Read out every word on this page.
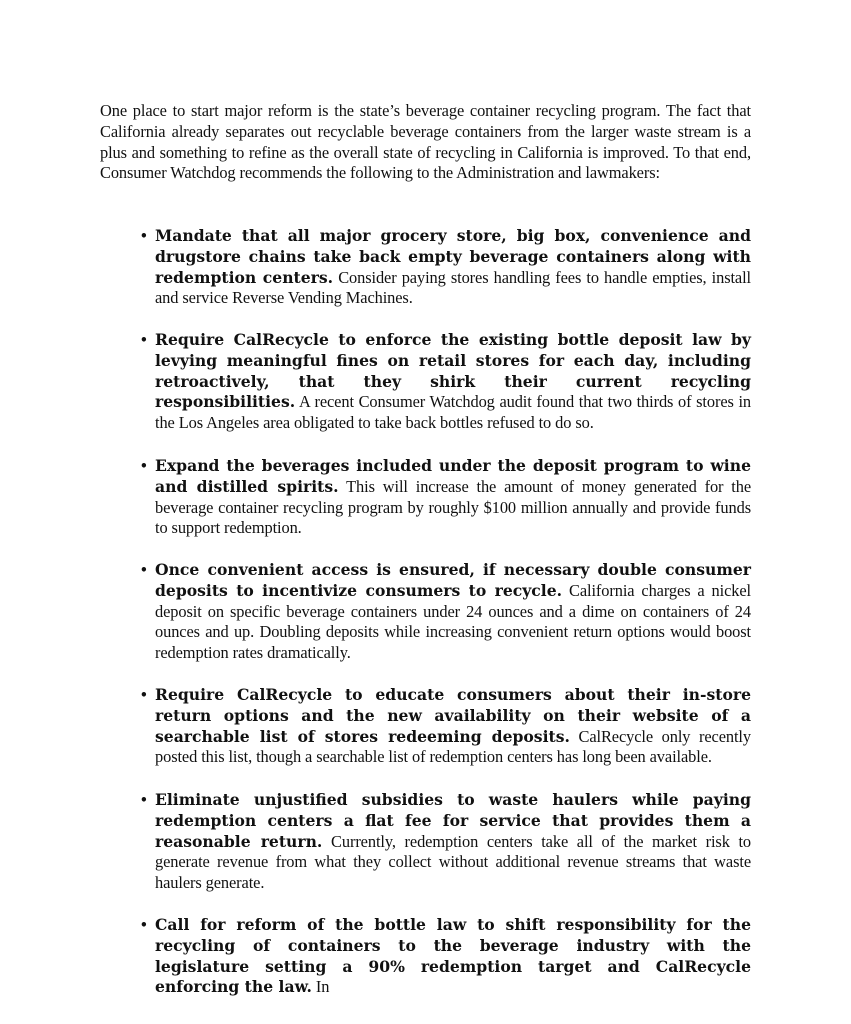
One place to start major reform is the state’s beverage container recycling program. The fact that California already separates out recyclable beverage containers from the larger waste stream is a plus and something to refine as the overall state of recycling in California is improved. To that end, Consumer Watchdog recommends the following to the Administration and lawmakers:

• Mandate that all major grocery store, big box, convenience and drugstore chains take back empty beverage containers along with redemption centers. Consider paying stores handling fees to handle empties, install and service Reverse Vending Machines.
• Require CalRecycle to enforce the existing bottle deposit law by levying meaningful fines on retail stores for each day, including retroactively, that they shirk their current recycling responsibilities. A recent Consumer Watchdog audit found that two thirds of stores in the Los Angeles area obligated to take back bottles refused to do so.
• Expand the beverages included under the deposit program to wine and distilled spirits. This will increase the amount of money generated for the beverage container recycling program by roughly $100 million annually and provide funds to support redemption.
• Once convenient access is ensured, if necessary double consumer deposits to incentivize consumers to recycle. California charges a nickel deposit on specific beverage containers under 24 ounces and a dime on containers of 24 ounces and up. Doubling deposits while increasing convenient return options would boost redemption rates dramatically.
• Require CalRecycle to educate consumers about their in-store return options and the new availability on their website of a searchable list of stores redeeming deposits. CalRecycle only recently posted this list, though a searchable list of redemption centers has long been available.
• Eliminate unjustified subsidies to waste haulers while paying redemption centers a flat fee for service that provides them a reasonable return. Currently, redemption centers take all of the market risk to generate revenue from what they collect without additional revenue streams that waste haulers generate.
• Call for reform of the bottle law to shift responsibility for the recycling of containers to the beverage industry with the legislature setting a 90% redemption target and CalRecycle enforcing the law. In
